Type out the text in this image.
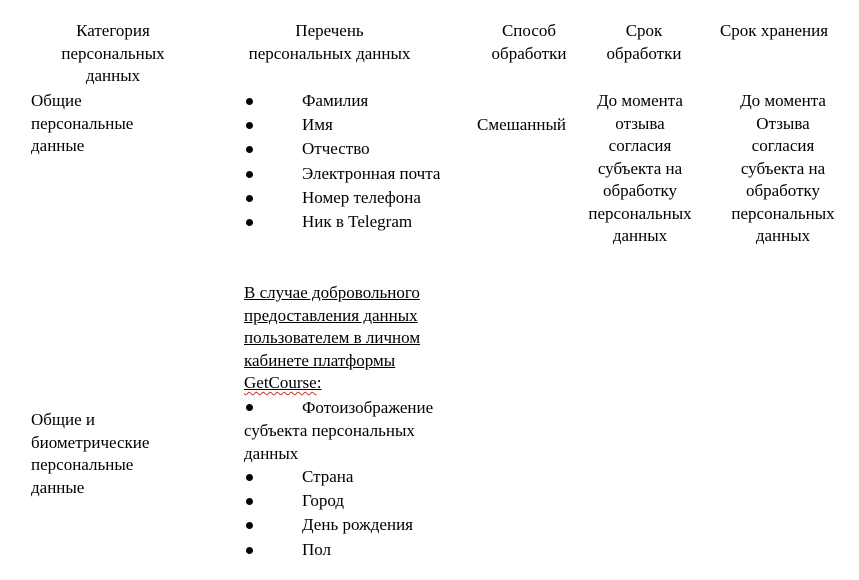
Категория
персональных
данных
Перечень
персональных данных
Способ
обработки
Срок
обработки
Срок хранения
Общие
персональные
данные
Фамилия
Имя
Отчество
Электронная почта
Номер телефона
Ник в Telegram
Смешанный
До момента
отзыва
согласия
субъекта на
обработку
персональных
данных
До момента
Отзыва
согласия
субъекта на
обработку
персональных
данных
Общие и
биометрические
персональные
данные
В случае добровольного
предоставления данных
пользователем в личном
кабинете платформы
GetCourse:
Фотоизображение
субъекта персональных
данных
Страна
Город
День рождения
Пол
